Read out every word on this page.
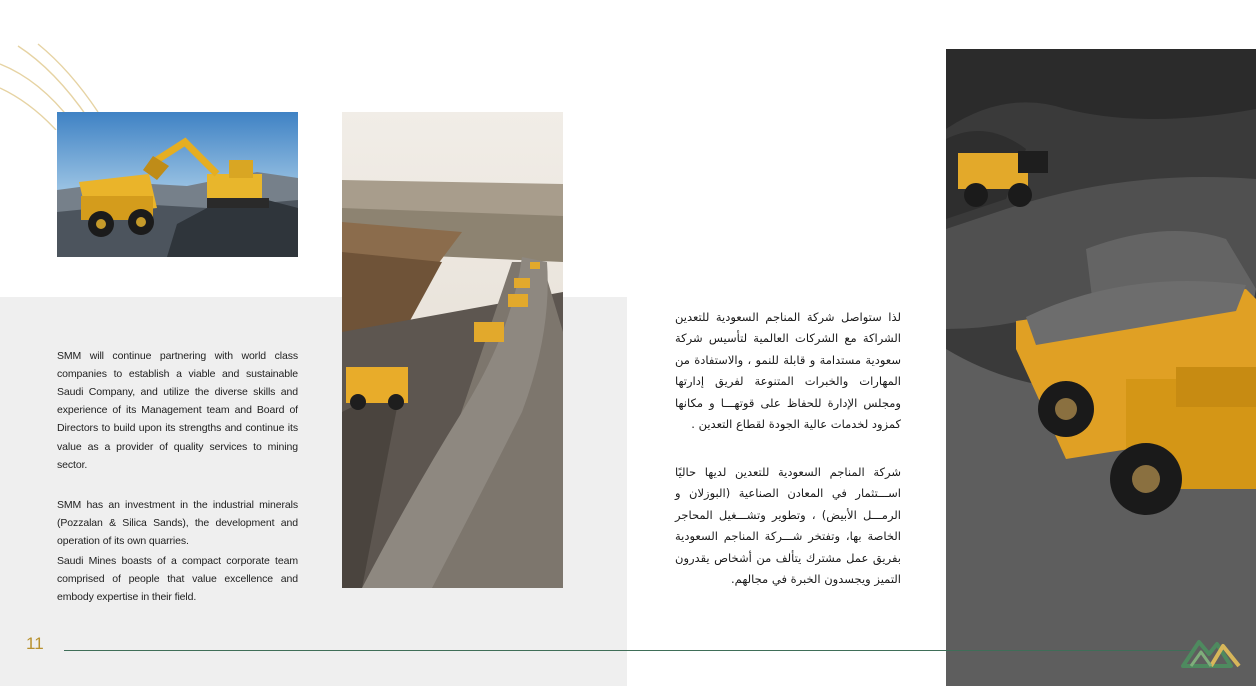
SMM will continue partnering with world class companies to establish a viable and sustainable Saudi Company, and utilize the diverse skills and experience of its Management team and Board of Directors to build upon its strengths and continue its value as a provider of quality services to mining sector.

SMM has an investment in the industrial minerals (Pozzalan & Silica Sands), the development and operation of its own quarries.

Saudi Mines boasts of a compact corporate team comprised of people that value excellence and embody expertise in their field.

لذا ستواصل شركة المناجم السعودية للتعدين الشراكة مع الشركات العالمية لتأسيس شركة سعودية مستدامة و قابلة للنمو ، والاستفادة من المهارات والخبرات المتنوعة لفريق إدارتها ومجلس الإدارة للحفاظ على قوتهـــا و مكانها كمزود لخدمات عالية الجودة لقطاع التعدين .

شركة المناجم السعودية للتعدين لديها حاليًا اســـتثمار في المعادن الصناعية (البوزلان و الرمـــل الأبيض) ، وتطوير وتشـــغيل المحاجر الخاصة بها، وتفتخر شـــركة المناجم السعودية بفريق عمل مشترك يتألف من أشخاص يقدرون التميز ويجسدون الخبرة في مجالهم.

11
